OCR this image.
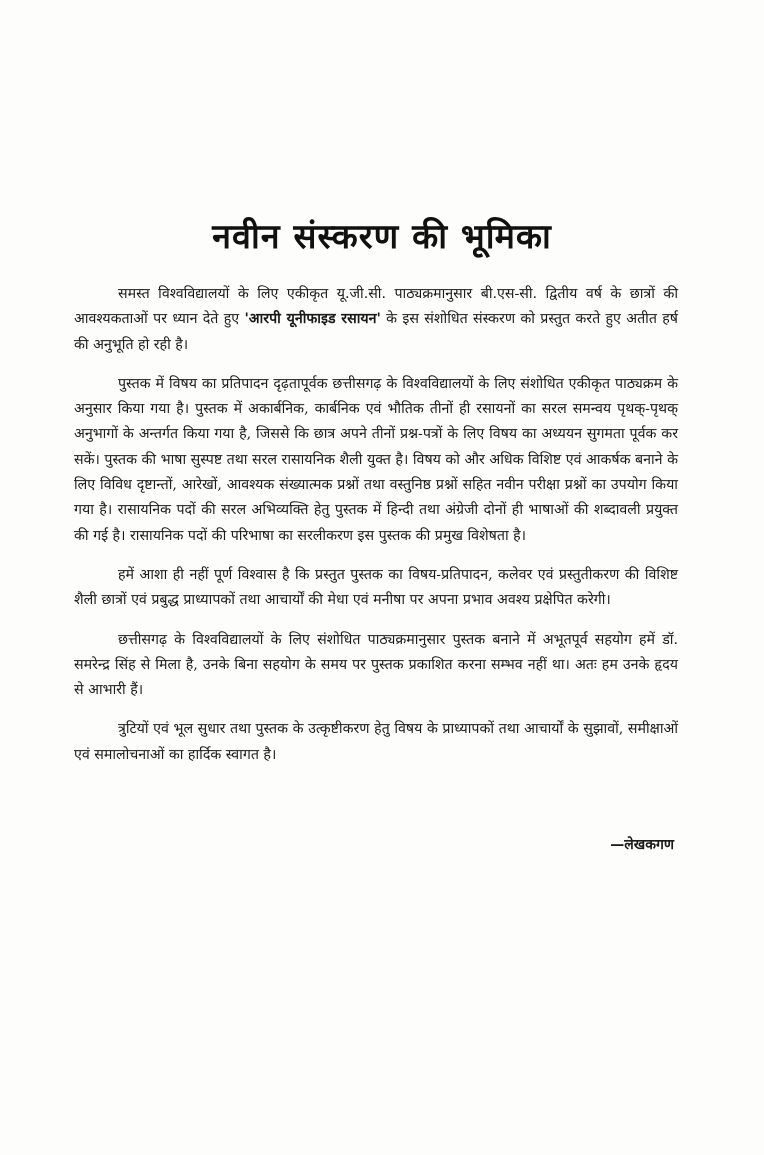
नवीन संस्करण की भूमिका

समस्त विश्वविद्यालयों के लिए एकीकृत यू.जी.सी. पाठ्यक्रमानुसार बी.एस-सी. द्वितीय वर्ष के छात्रों की आवश्यकताओं पर ध्यान देते हुए 'आरपी यूनीफाइड रसायन' के इस संशोधित संस्करण को प्रस्तुत करते हुए अतीत हर्ष की अनुभूति हो रही है।

पुस्तक में विषय का प्रतिपादन दृढ़तापूर्वक छत्तीसगढ़ के विश्वविद्यालयों के लिए संशोधित एकीकृत पाठ्यक्रम के अनुसार किया गया है। पुस्तक में अकार्बनिक, कार्बनिक एवं भौतिक तीनों ही रसायनों का सरल समन्वय पृथक्-पृथक् अनुभागों के अन्तर्गत किया गया है, जिससे कि छात्र अपने तीनों प्रश्न-पत्रों के लिए विषय का अध्ययन सुगमता पूर्वक कर सकें। पुस्तक की भाषा सुस्पष्ट तथा सरल रासायनिक शैली युक्त है। विषय को और अधिक विशिष्ट एवं आकर्षक बनाने के लिए विविध दृष्टान्तों, आरेखों, आवश्यक संख्यात्मक प्रश्नों तथा वस्तुनिष्ठ प्रश्नों सहित नवीन परीक्षा प्रश्नों का उपयोग किया गया है। रासायनिक पदों की सरल अभिव्यक्ति हेतु पुस्तक में हिन्दी तथा अंग्रेजी दोनों ही भाषाओं की शब्दावली प्रयुक्त की गई है। रासायनिक पदों की परिभाषा का सरलीकरण इस पुस्तक की प्रमुख विशेषता है।

हमें आशा ही नहीं पूर्ण विश्वास है कि प्रस्तुत पुस्तक का विषय-प्रतिपादन, कलेवर एवं प्रस्तुतीकरण की विशिष्ट शैली छात्रों एवं प्रबुद्ध प्राध्यापकों तथा आचार्यों की मेधा एवं मनीषा पर अपना प्रभाव अवश्य प्रक्षेपित करेगी।

छत्तीसगढ़ के विश्वविद्यालयों के लिए संशोधित पाठ्यक्रमानुसार पुस्तक बनाने में अभूतपूर्व सहयोग हमें डॉ. समरेन्द्र सिंह से मिला है, उनके बिना सहयोग के समय पर पुस्तक प्रकाशित करना सम्भव नहीं था। अतः हम उनके हृदय से आभारी हैं।

त्रुटियों एवं भूल सुधार तथा पुस्तक के उत्कृष्टीकरण हेतु विषय के प्राध्यापकों तथा आचार्यों के सुझावों, समीक्षाओं एवं समालोचनाओं का हार्दिक स्वागत है।

—लेखकगण
